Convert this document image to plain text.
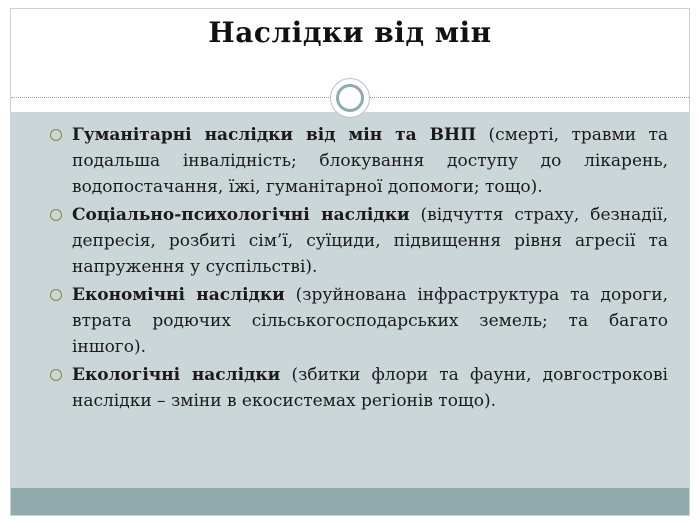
Наслідки від мін
Гуманітарні наслідки від мін та ВНП (смерті, травми та подальша інвалідність; блокування доступу до лікарень, водопостачання, їжі, гуманітарної допомоги; тощо).
Соціально-психологічні наслідки (відчуття страху, безнадії, депресія, розбиті сім’ї, суїциди, підвищення рівня агресії та напруження у суспільстві).
Економічні наслідки (зруйнована інфраструктура та дороги, втрата родючих сільськогосподарських земель; та багато іншого).
Екологічні наслідки (збитки флори та фауни, довгострокові наслідки – зміни в екосистемах регіонів тощо).
